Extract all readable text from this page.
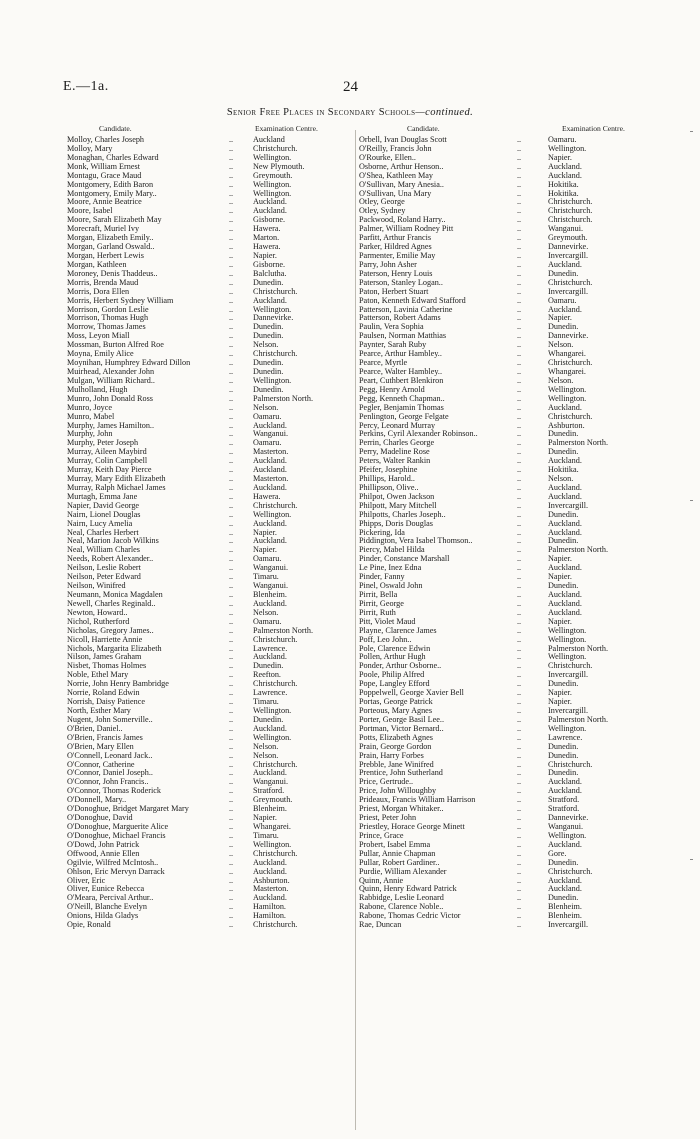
E.—1a.	24
Senior Free Places in Secondary Schools—continued.
Candidate.	Examination Centre.
Molloy, Charles Joseph	.. Auckland
Molloy, Mary	.. Christchurch.
Monaghan, Charles Edward	.. Wellington.
Monk, William Ernest	.. New Plymouth.
Montagu, Grace Maud	.. Greymouth.
Montgomery, Edith Baron	.. Wellington.
Montgomery, Emily Mary..	.. Wellington.
Moore, Annie Beatrice	.. Auckland.
Moore, Isabel	.. Auckland.
Moore, Sarah Elizabeth May	.. Gisborne.
Morecraft, Muriel Ivy	.. Hawera.
Morgan, Elizabeth Emily..	.. Marton.
Morgan, Garland Oswald..	.. Hawera.
Morgan, Herbert Lewis	.. Napier.
Morgan, Kathleen	.. Gisborne.
Moroney, Denis Thaddeus..	.. Balclutha.
Morris, Brenda Maud	.. Dunedin.
Morris, Dora Ellen	.. Christchurch.
Morris, Herbert Sydney William	.. Auckland.
Morrison, Gordon Leslie	.. Wellington.
Morrison, Thomas Hugh	.. Dannevirke.
Morrow, Thomas James	.. Dunedin.
Moss, Leyon Miall	.. Dunedin.
Mossman, Burton Alfred Roe	.. Nelson.
Moyna, Emily Alice	.. Christchurch.
Moynihan, Humphrey Edward Dillon	.. Dunedin.
Muirhead, Alexander John	.. Dunedin.
Mulgan, William Richard..	.. Wellington.
Mulholland, Hugh	.. Dunedin.
Munro, John Donald Ross	.. Palmerston North.
Munro, Joyce	.. Nelson.
Munro, Mabel	.. Oamaru.
Murphy, James Hamilton..	.. Auckland.
Murphy, John	.. Wanganui.
Murphy, Peter Joseph	.. Oamaru.
Murray, Aileen Maybird	.. Masterton.
Murray, Colin Campbell	.. Auckland.
Murray, Keith Day Pierce	.. Auckland.
Murray, Mary Edith Elizabeth	.. Masterton.
Murray, Ralph Michael James	.. Auckland.
Murtagh, Emma Jane	.. Hawera.
Napier, David George	.. Christchurch.
Nairn, Lionel Douglas	.. Wellington.
Nairn, Lucy Amelia	.. Auckland.
Neal, Charles Herbert	.. Napier.
Neal, Marion Jacob Wilkins	.. Auckland.
Neal, William Charles	.. Napier.
Needs, Robert Alexander..	.. Oamaru.
Neilson, Leslie Robert	.. Wanganui.
Neilson, Peter Edward	.. Timaru.
Neilson, Winifred	.. Wanganui.
Neumann, Monica Magdalen	.. Blenheim.
Newell, Charles Reginald..	.. Auckland.
Newton, Howard..	.. Nelson.
Nichol, Rutherford	.. Oamaru.
Nicholas, Gregory James..	.. Palmerston North.
Nicoll, Harriette Annie	.. Christchurch.
Nichols, Margarita Elizabeth	.. Lawrence.
Nilson, James Graham	.. Auckland.
Nisbet, Thomas Holmes	.. Dunedin.
Noble, Ethel Mary	.. Reefton.
Norrie, John Henry Bambridge	.. Christchurch.
Norrie, Roland Edwin	.. Lawrence.
Norrish, Daisy Patience	.. Timaru.
North, Esther Mary	.. Wellington.
Nugent, John Somerville..	.. Dunedin.
O'Brien, Daniel..	.. Auckland.
O'Brien, Francis James	.. Wellington.
O'Brien, Mary Ellen	.. Nelson.
O'Connell, Leonard Jack..	.. Nelson.
O'Connor, Catherine	.. Christchurch.
O'Connor, Daniel Joseph..	.. Auckland.
O'Connor, John Francis..	.. Wanganui.
O'Connor, Thomas Roderick	.. Stratford.
O'Donnell, Mary..	.. Greymouth.
O'Donoghue, Bridget Margaret Mary	.. Blenheim.
O'Donoghue, David	.. Napier.
O'Donoghue, Marguerite Alice	.. Whangarei.
O'Donoghue, Michael Francis	.. Timaru.
O'Dowd, John Patrick	.. Wellington.
Offwood, Annie Ellen	.. Christchurch.
Ogilvie, Wilfred McIntosh..	.. Auckland.
Ohlson, Eric Mervyn Darrack	.. Auckland.
Oliver, Eric	.. Ashburton.
Oliver, Eunice Rebecca	.. Masterton.
O'Meara, Percival Arthur..	.. Auckland.
O'Neill, Blanche Evelyn	.. Hamilton.
Onions, Hilda Gladys	.. Hamilton.
Opie, Ronald	.. Christchurch.
Candidate.	Examination Centre.
Orbell, Ivan Douglas Scott	..	Oamaru.
O'Reilly, Francis John	..	Wellington.
O'Rourke, Ellen..	..	Napier.
Osborne, Arthur Henson..	..	Auckland.
O'Shea, Kathleen May	..	Auckland.
O'Sullivan, Mary Anesia..	..	Hokitika.
O'Sullivan, Una Mary	..	Hokitika.
Otley, George	..	Christchurch.
Otley, Sydney	..	Christchurch.
Packwood, Roland Harry..	..	Christchurch.
Palmer, William Rodney Pitt	..	Wanganui.
Parfitt, Arthur Francis	..	Greymouth.
Parker, Hildred Agnes	..	Dannevirke.
Parmenter, Emilie May	..	Invercargill.
Parry, John Asher	..	Auckland.
Paterson, Henry Louis	..	Dunedin.
Paterson, Stanley Logan..	..	Christchurch.
Paton, Herbert Stuart	..	Invercargill.
Paton, Kenneth Edward Stafford	..	Oamaru.
Patterson, Lavinia Catherine	..	Auckland.
Patterson, Robert Adams	..	Napier.
Paulin, Vera Sophia	..	Dunedin.
Paulsen, Norman Matthias	..	Dannevirke.
Paynter, Sarah Ruby	..	Nelson.
Pearce, Arthur Hambley..	..	Whangarei.
Pearce, Myrtle	..	Christchurch.
Pearce, Walter Hambley..	..	Whangarei.
Peart, Cuthbert Blenkiron	..	Nelson.
Pegg, Henry Arnold	..	Wellington.
Pegg, Kenneth Chapman..	..	Wellington.
Pegler, Benjamin Thomas	..	Auckland.
Penlington, George Felgate	..	Christchurch.
Percy, Leonard Murray	..	Ashburton.
Perkins, Cyril Alexander Robinson..	..	Dunedin.
Perrin, Charles George	..	Palmerston North.
Perry, Madeline Rose	..	Dunedin.
Peters, Walter Rankin	..	Auckland.
Pfeifer, Josephine	..	Hokitika.
Phillips, Harold..	..	Nelson.
Phillipson, Olive..	..	Auckland.
Philpot, Owen Jackson	..	Auckland.
Philpott, Mary Mitchell	..	Invercargill.
Philpotts, Charles Joseph..	..	Dunedin.
Phipps, Doris Douglas	..	Auckland.
Pickering, Ida	..	Auckland.
Piddington, Vera Isabel Thomson..	..	Dunedin.
Piercy, Mabel Hilda	..	Palmerston North.
Pinder, Constance Marshall	..	Napier.
Le Pine, Inez Edna	..	Auckland.
Pinder, Fanny	..	Napier.
Pinel, Oswald John	..	Dunedin.
Pirrit, Bella	..	Auckland.
Pirrit, George	..	Auckland.
Pirrit, Ruth	..	Auckland.
Pitt, Violet Maud	..	Napier.
Playne, Clarence James	..	Wellington.
Poff, Leo John..	..	Wellington.
Pole, Clarence Edwin	..	Palmerston North.
Pollen, Arthur Hugh	..	Wellington.
Ponder, Arthur Osborne..	..	Christchurch.
Poole, Philip Alfred	..	Invercargill.
Pope, Langley Efford	..	Dunedin.
Poppelwell, George Xavier Bell	..	Napier.
Portas, George Patrick	..	Napier.
Porteous, Mary Agnes	..	Invercargill.
Porter, George Basil Lee..	..	Palmerston North.
Portman, Victor Bernard..	..	Wellington.
Potts, Elizabeth Agnes	..	Lawrence.
Prain, George Gordon	..	Dunedin.
Prain, Harry Forbes	..	Dunedin.
Prebble, Jane Winifred	..	Christchurch.
Prentice, John Sutherland	..	Dunedin.
Price, Gertrude..	..	Auckland.
Price, John Willoughby	..	Auckland.
Prideaux, Francis William Harrison	..	Stratford.
Priest, Morgan Whitaker..	..	Stratford.
Priest, Peter John	..	Dannevirke.
Priestley, Horace George Minett	..	Wanganui.
Prince, Grace	..	Wellington.
Probert, Isabel Emma	..	Auckland.
Pullar, Annie Chapman	..	Gore.
Pullar, Robert Gardiner..	..	Dunedin.
Purdie, William Alexander	..	Christchurch.
Quinn, Annie	..	Auckland.
Quinn, Henry Edward Patrick	..	Auckland.
Rabbidge, Leslie Leonard	..	Dunedin.
Rabone, Clarence Noble..	..	Blenheim.
Rabone, Thomas Cedric Victor	..	Blenheim.
Rae, Duncan	..	Invercargill.
